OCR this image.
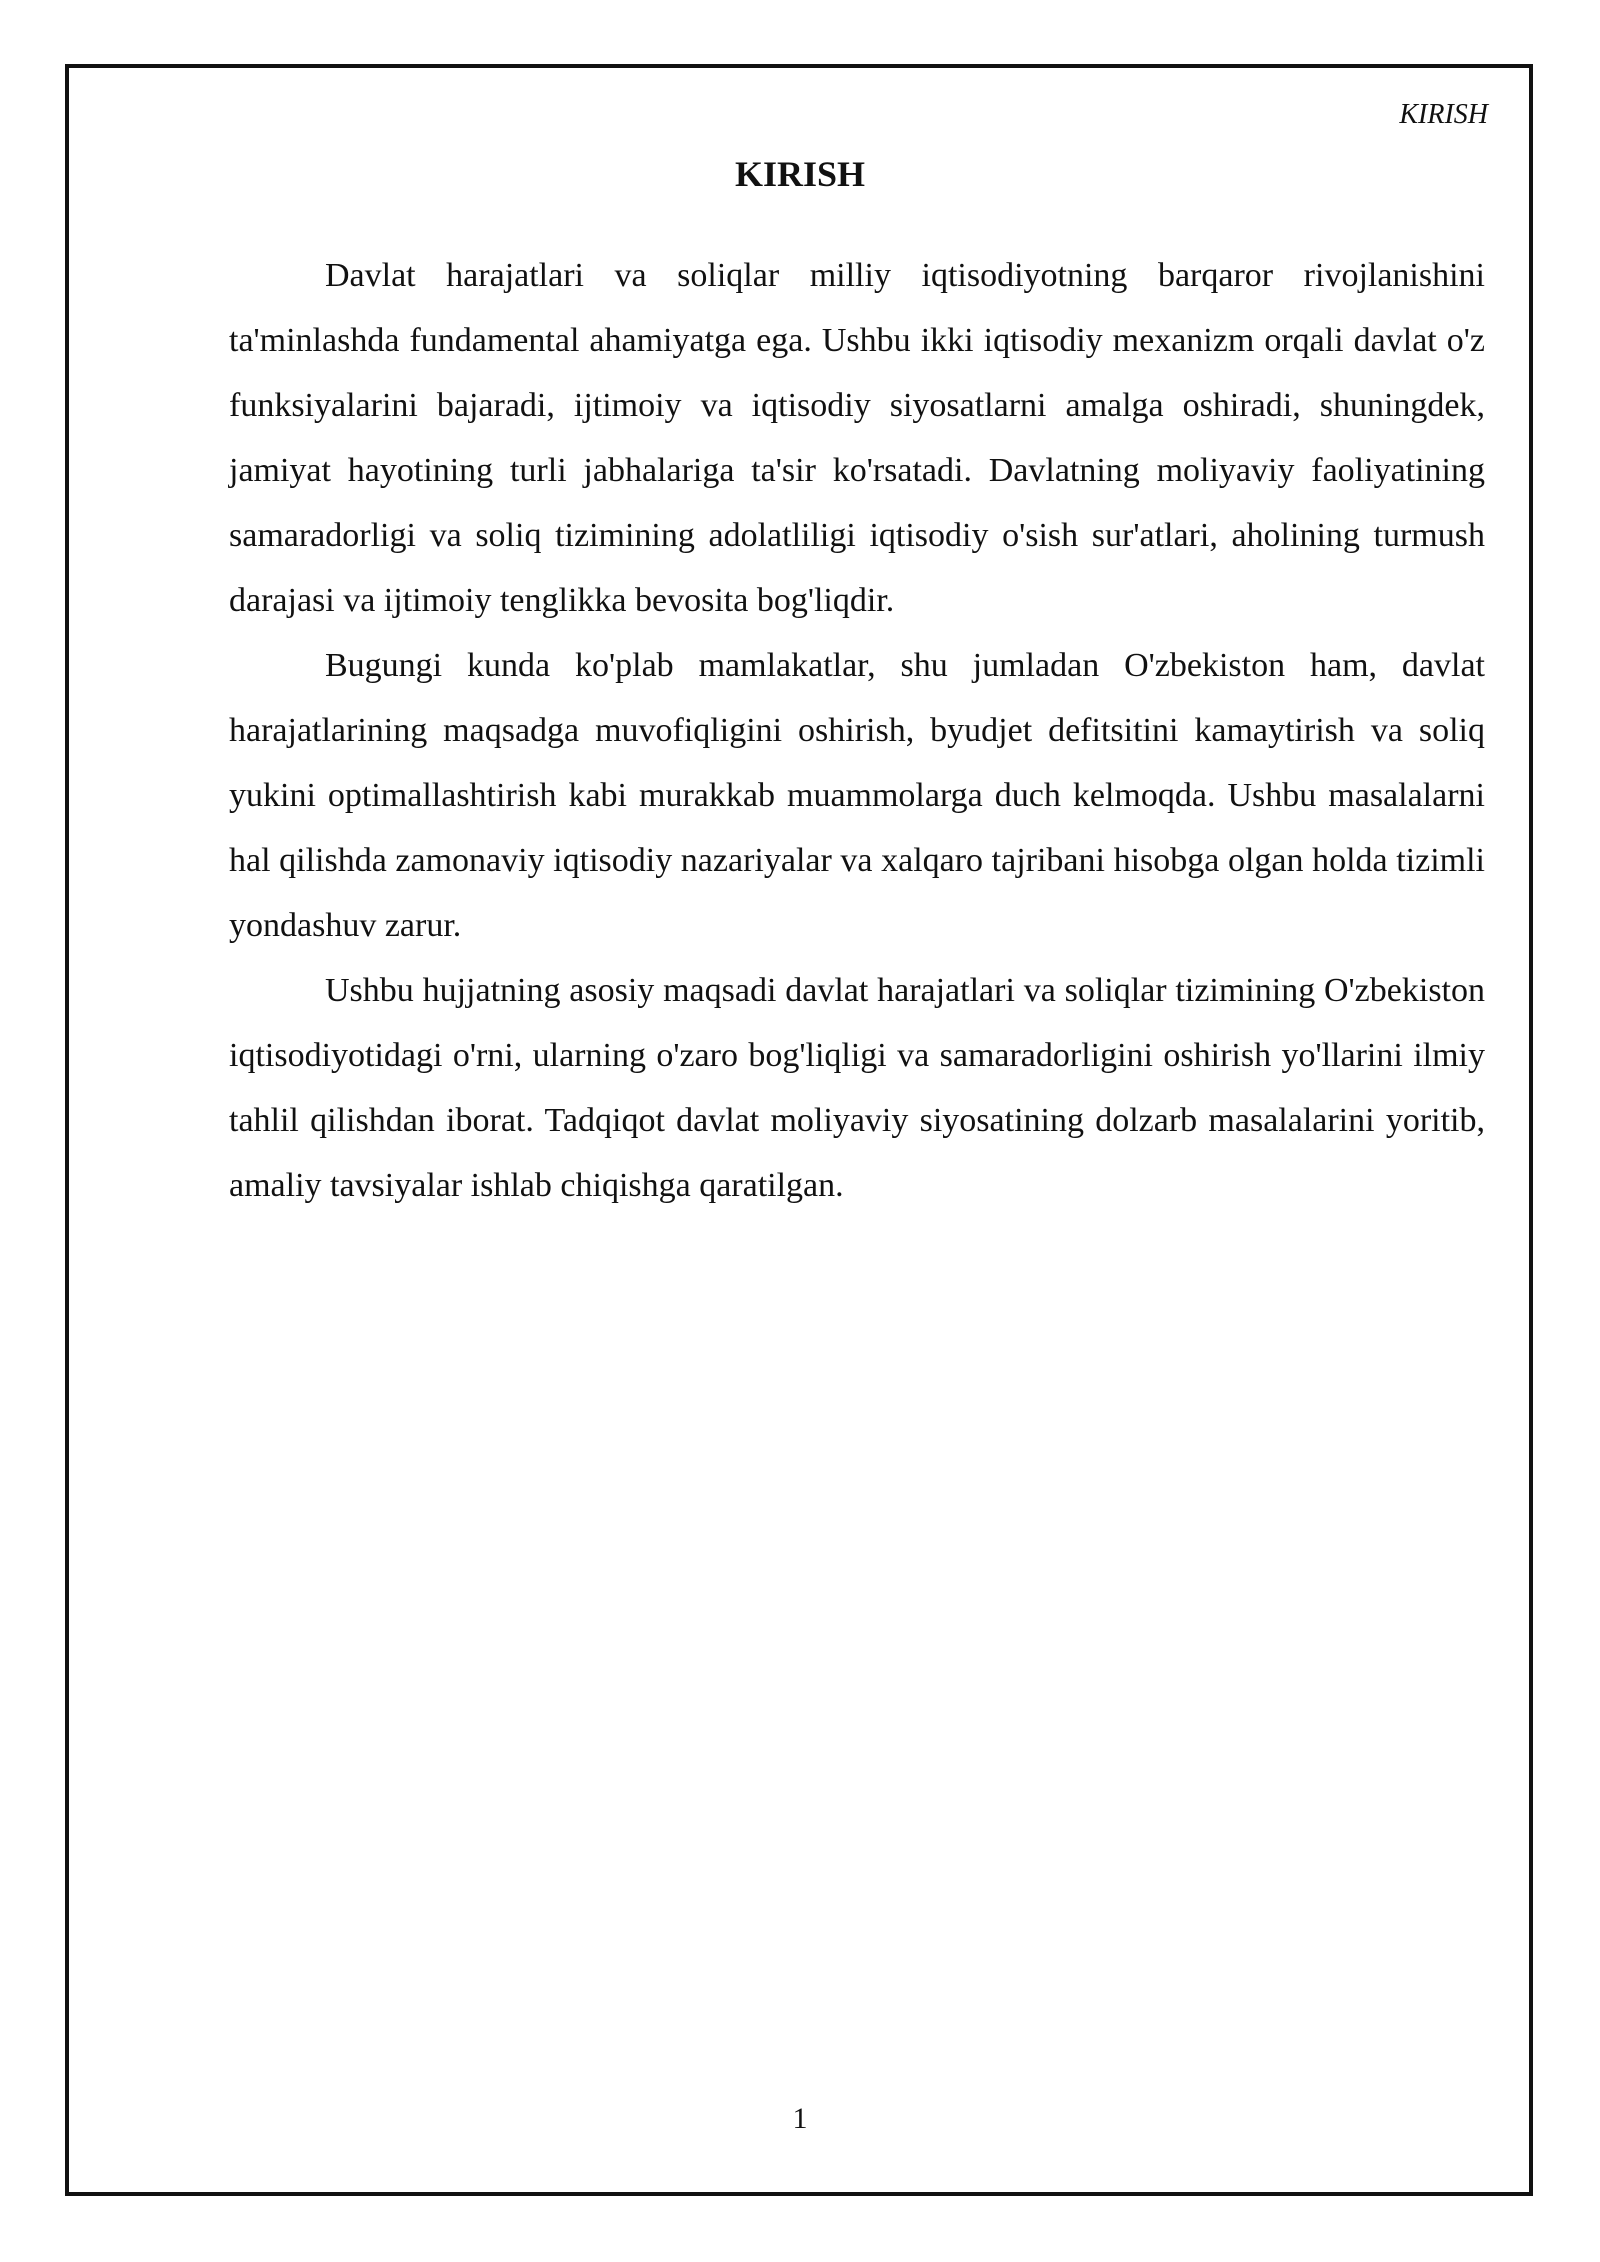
KIRISH
KIRISH

Davlat harajatlari va soliqlar milliy iqtisodiyotning barqaror rivojlanishini ta'minlashda fundamental ahamiyatga ega. Ushbu ikki iqtisodiy mexanizm orqali davlat o'z funksiyalarini bajaradi, ijtimoiy va iqtisodiy siyosatlarni amalga oshiradi, shuningdek, jamiyat hayotining turli jabhalariga ta'sir ko'rsatadi. Davlatning moliyaviy faoliyatining samaradorligi va soliq tizimining adolatliligi iqtisodiy o'sish sur'atlari, aholining turmush darajasi va ijtimoiy tenglikka bevosita bog'liqdir.

Bugungi kunda ko'plab mamlakatlar, shu jumladan O'zbekiston ham, davlat harajatlarining maqsadga muvofiqligini oshirish, byudjet defitsitini kamaytirish va soliq yukini optimallashtirish kabi murakkab muammolarga duch kelmoqda. Ushbu masalalarni hal qilishda zamonaviy iqtisodiy nazariyalar va xalqaro tajribani hisobga olgan holda tizimli yondashuv zarur.

Ushbu hujjatning asosiy maqsadi davlat harajatlari va soliqlar tizimining O'zbekiston iqtisodiyotidagi o'rni, ularning o'zaro bog'liqligi va samaradorligini oshirish yo'llarini ilmiy tahlil qilishdan iborat. Tadqiqot davlat moliyaviy siyosatining dolzarb masalalarini yoritib, amaliy tavsiyalar ishlab chiqishga qaratilgan.

1
